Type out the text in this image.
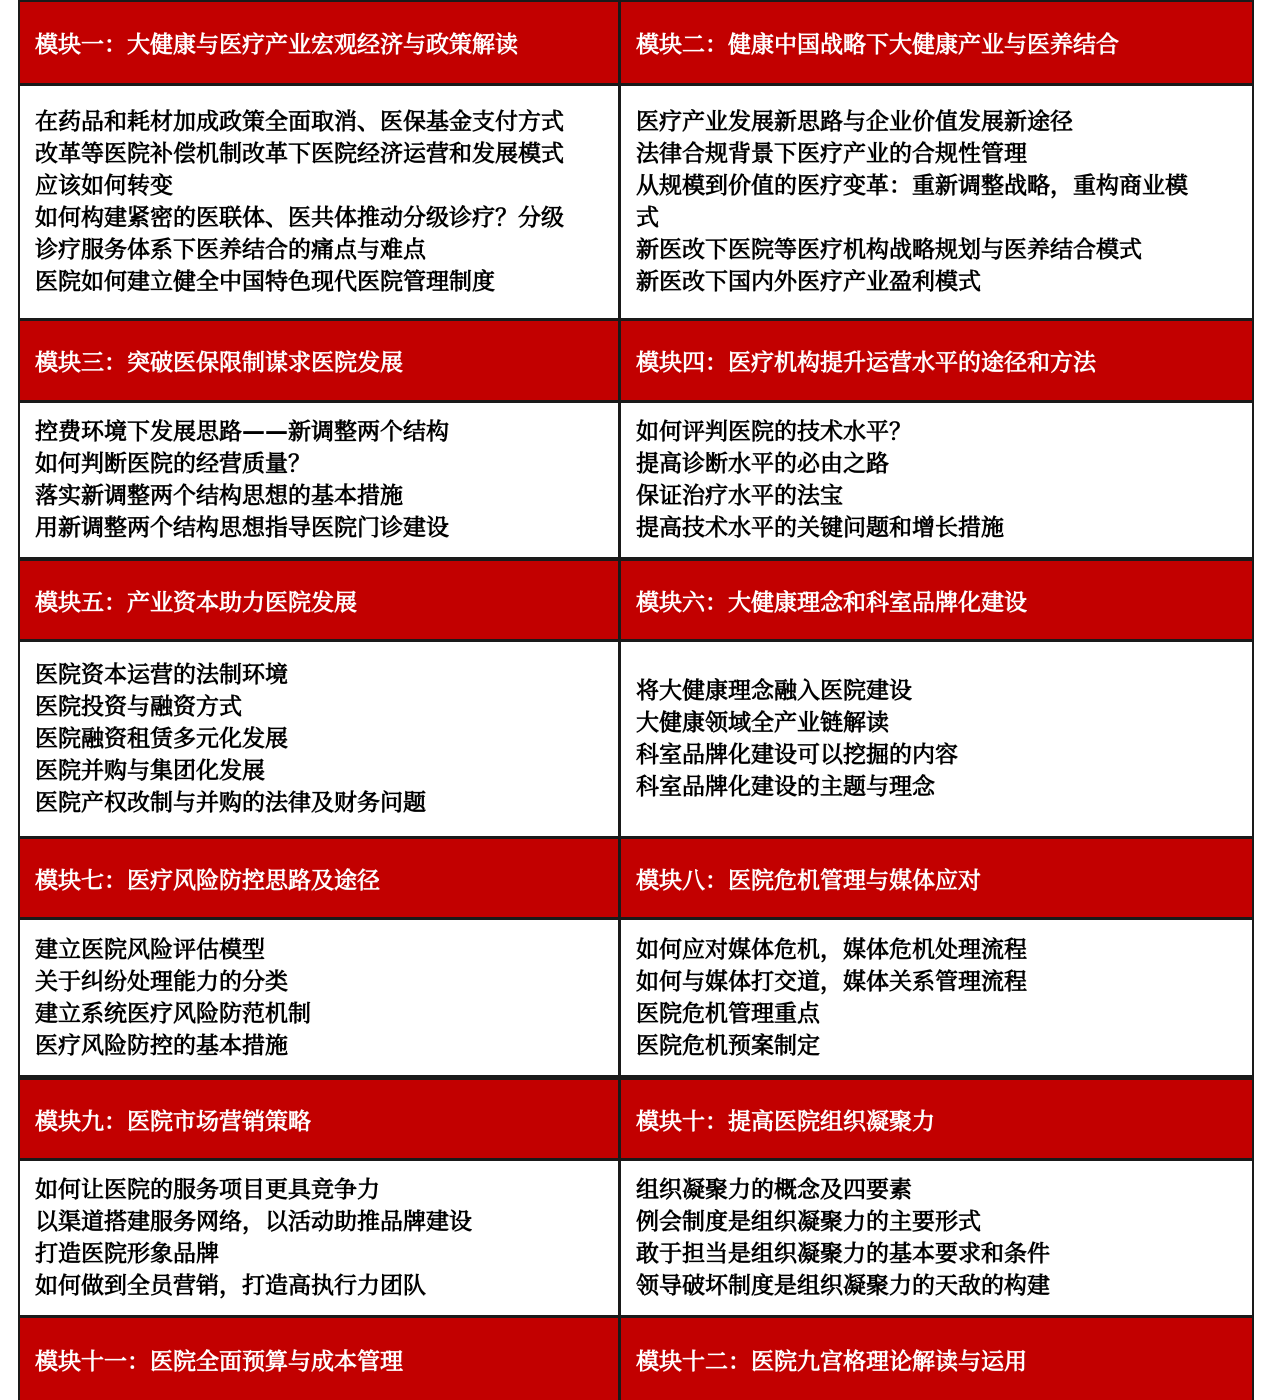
模块一：大健康与医疗产业宏观经济与政策解读
在药品和耗材加成政策全面取消、医保基金支付方式
改革等医院补偿机制改革下医院经济运营和发展模式
应该如何转变
如何构建紧密的医联体、医共体推动分级诊疗？分级
诊疗服务体系下医养结合的痛点与难点
医院如何建立健全中国特色现代医院管理制度
模块二：健康中国战略下大健康产业与医养结合
医疗产业发展新思路与企业价值发展新途径
法律合规背景下医疗产业的合规性管理
从规模到价值的医疗变革：重新调整战略，重构商业模
式
新医改下医院等医疗机构战略规划与医养结合模式
新医改下国内外医疗产业盈利模式
模块三：突破医保限制谋求医院发展
控费环境下发展思路——新调整两个结构
如何判断医院的经营质量？
落实新调整两个结构思想的基本措施
用新调整两个结构思想指导医院门诊建设
模块四：医疗机构提升运营水平的途径和方法
如何评判医院的技术水平？
提高诊断水平的必由之路
保证治疗水平的法宝
提高技术水平的关键问题和增长措施
模块五：产业资本助力医院发展
医院资本运营的法制环境
医院投资与融资方式
医院融资租赁多元化发展
医院并购与集团化发展
医院产权改制与并购的法律及财务问题
模块六：大健康理念和科室品牌化建设
将大健康理念融入医院建设
大健康领域全产业链解读
科室品牌化建设可以挖掘的内容
科室品牌化建设的主题与理念
模块七：医疗风险防控思路及途径
建立医院风险评估模型
关于纠纷处理能力的分类
建立系统医疗风险防范机制
医疗风险防控的基本措施
模块八：医院危机管理与媒体应对
如何应对媒体危机，媒体危机处理流程
如何与媒体打交道，媒体关系管理流程
医院危机管理重点
医院危机预案制定
模块九：医院市场营销策略
如何让医院的服务项目更具竞争力
以渠道搭建服务网络，以活动助推品牌建设
打造医院形象品牌
如何做到全员营销，打造高执行力团队
模块十：提高医院组织凝聚力
组织凝聚力的概念及四要素
例会制度是组织凝聚力的主要形式
敢于担当是组织凝聚力的基本要求和条件
领导破坏制度是组织凝聚力的天敌的构建
模块十一：医院全面预算与成本管理	模块十二：医院九宫格理论解读与运用
